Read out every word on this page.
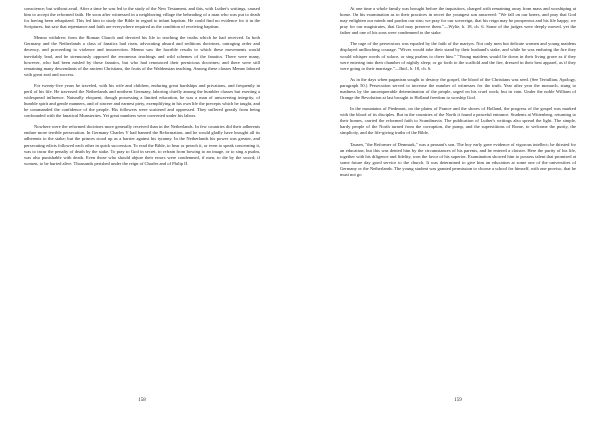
conscience; but without avail. After a time he was led to the study of the New Testament, and this, with Luther's writings, caused him to accept the reformed faith. He soon after witnessed in a neighboring village the beheading of a man who was put to death for having been rebaptized. This led him to study the Bible in regard to infant baptism. He could find no evidence for it in the Scriptures, but saw that repentance and faith are everywhere required as the condition of receiving baptism.

Menno withdrew from the Roman Church and devoted his life to teaching the truths which he had received. In both Germany and the Netherlands a class of fanatics had risen, advocating absurd and seditious doctrines, outraging order and decency, and proceeding to violence and insurrection. Menno saw the horrible results to which these movements would inevitably lead, and he strenuously opposed the erroneous teachings and wild schemes of the fanatics. There were many, however, who had been misled by these fanatics, but who had renounced their pernicious doctrines; and there were still remaining many descendants of the ancient Christians, the fruits of the Waldensian teaching. Among these classes Menno labored with great zeal and success.

For twenty-five years he traveled, with his wife and children, enduring great hardships and privations, and frequently in peril of his life. He traversed the Netherlands and northern Germany, laboring chiefly among the humbler classes but exerting a widespread influence. Naturally eloquent, though possessing a limited education, he was a man of unwavering integrity, of humble spirit and gentle manners, and of sincere and earnest piety, exemplifying in his own life the precepts which he taught, and he commanded the confidence of the people. His followers were scattered and oppressed. They suffered greatly from being confounded with the fanatical Munsterites. Yet great numbers were converted under his labors.

Nowhere were the reformed doctrines more generally received than in the Netherlands. In few countries did their adherents endure more terrible persecution. In Germany Charles V had banned the Reformation, and he would gladly have brought all its adherents to the stake; but the princes stood up as a barrier against his tyranny. In the Netherlands his power was greater, and persecuting edicts followed each other in quick succession. To read the Bible, to hear or preach it, or even to speak concerning it, was to incur the penalty of death by the stake. To pray to God in secret, to refrain from bowing to an image, or to sing a psalm, was also punishable with death. Even those who should abjure their errors were condemned, if men, to die by the sword; if women, to be buried alive. Thousands perished under the reign of Charles and of Philip II.

158

At one time a whole family was brought before the inquisitors, charged with remaining away from mass and worshiping at home. On his examination as to their practices in secret the youngest son answered: "We fall on our knees, and pray that God may enlighten our minds and pardon our sins; we pray for our sovereign, that his reign may be prosperous and his life happy; we pray for our magistrates, that God may preserve them."—Wylie, b. 18, ch. 6. Some of the judges were deeply moved, yet the father and one of his sons were condemned to the stake.

The rage of the persecutors was equaled by the faith of the martyrs. Not only men but delicate women and young maidens displayed unflinching courage. "Wives would take their stand by their husband's stake, and while he was enduring the fire they would whisper words of solace, or sing psalms to cheer him." "Young maidens would lie down in their living grave as if they were entering into their chamber of nightly sleep; or go forth to the scaffold and the fire, dressed in their best apparel, as if they were going to their marriage."—Ibid., b. 18, ch. 6.

As in the days when paganism sought to destroy the gospel, the blood of the Christians was seed. (See Tertullian, Apology, paragraph 50.) Persecution served to increase the number of witnesses for the truth. Year after year the monarch, stung to madness by the unconquerable determination of the people, urged on his cruel work; but in vain. Under the noble William of Orange the Revolution at last brought to Holland freedom to worship God.

In the mountains of Piedmont, on the plains of France and the shores of Holland, the progress of the gospel was marked with the blood of its disciples. But in the countries of the North it found a peaceful entrance. Students at Wittenberg, returning to their homes, carried the reformed faith to Scandinavia. The publication of Luther's writings also spread the light. The simple, hardy people of the North turned from the corruption, the pomp, and the superstitions of Rome, to welcome the purity, the simplicity, and the life-giving truths of the Bible.

Tausen, "the Reformer of Denmark," was a peasant's son. The boy early gave evidence of vigorous intellect; he thirsted for an education; but this was denied him by the circumstances of his parents, and he entered a cloister. Here the purity of his life, together with his diligence and fidelity, won the favor of his superior. Examination showed him to possess talent that promised at some future day good service to the church. It was determined to give him an education at some one of the universities of Germany or the Netherlands. The young student was granted permission to choose a school for himself, with one proviso, that he must not go

159
